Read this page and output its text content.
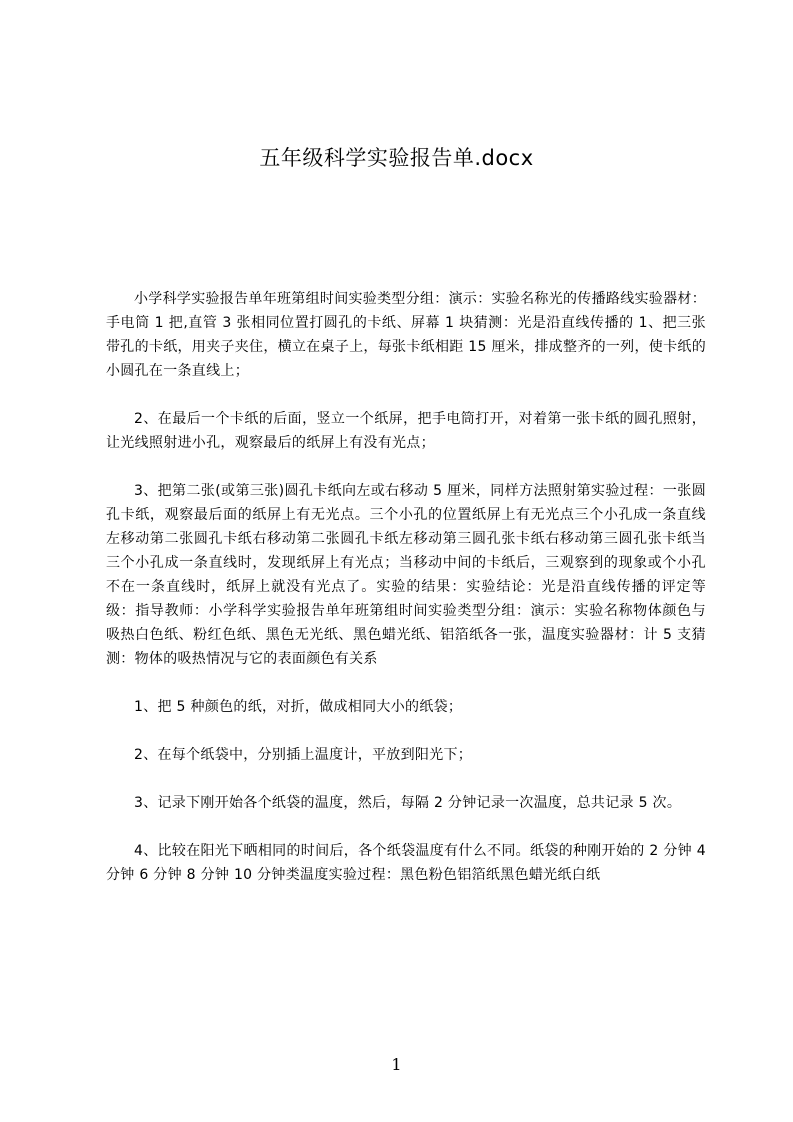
五年级科学实验报告单.docx

小学科学实验报告单年班第组时间实验类型分组：演示：实验名称光的传播路线实验器材：手电筒 1 把,直管 3 张相同位置打圆孔的卡纸、屏幕 1 块猜测：光是沿直线传播的 1、把三张带孔的卡纸，用夹子夹住，横立在桌子上，每张卡纸相距 15 厘米，排成整齐的一列，使卡纸的小圆孔在一条直线上；

2、在最后一个卡纸的后面，竖立一个纸屏，把手电筒打开，对着第一张卡纸的圆孔照射，让光线照射进小孔，观察最后的纸屏上有没有光点；

3、把第二张(或第三张)圆孔卡纸向左或右移动 5 厘米，同样方法照射第实验过程：一张圆孔卡纸，观察最后面的纸屏上有无光点。三个小孔的位置纸屏上有无光点三个小孔成一条直线左移动第二张圆孔卡纸右移动第二张圆孔卡纸左移动第三圆孔张卡纸右移动第三圆孔张卡纸当三个小孔成一条直线时，发现纸屏上有光点；当移动中间的卡纸后，三观察到的现象或个小孔不在一条直线时，纸屏上就没有光点了。实验的结果：实验结论：光是沿直线传播的评定等级：指导教师：小学科学实验报告单年班第组时间实验类型分组：演示：实验名称物体颜色与吸热白色纸、粉红色纸、黑色无光纸、黑色蜡光纸、铝箔纸各一张，温度实验器材：计 5 支猜测：物体的吸热情况与它的表面颜色有关系

1、把 5 种颜色的纸，对折，做成相同大小的纸袋；

2、在每个纸袋中，分别插上温度计，平放到阳光下；

3、记录下刚开始各个纸袋的温度，然后，每隔 2 分钟记录一次温度，总共记录 5 次。

4、比较在阳光下晒相同的时间后，各个纸袋温度有什么不同。纸袋的种刚开始的 2 分钟 4 分钟 6 分钟 8 分钟 10 分钟类温度实验过程：黑色粉色铝箔纸黑色蜡光纸白纸

1
